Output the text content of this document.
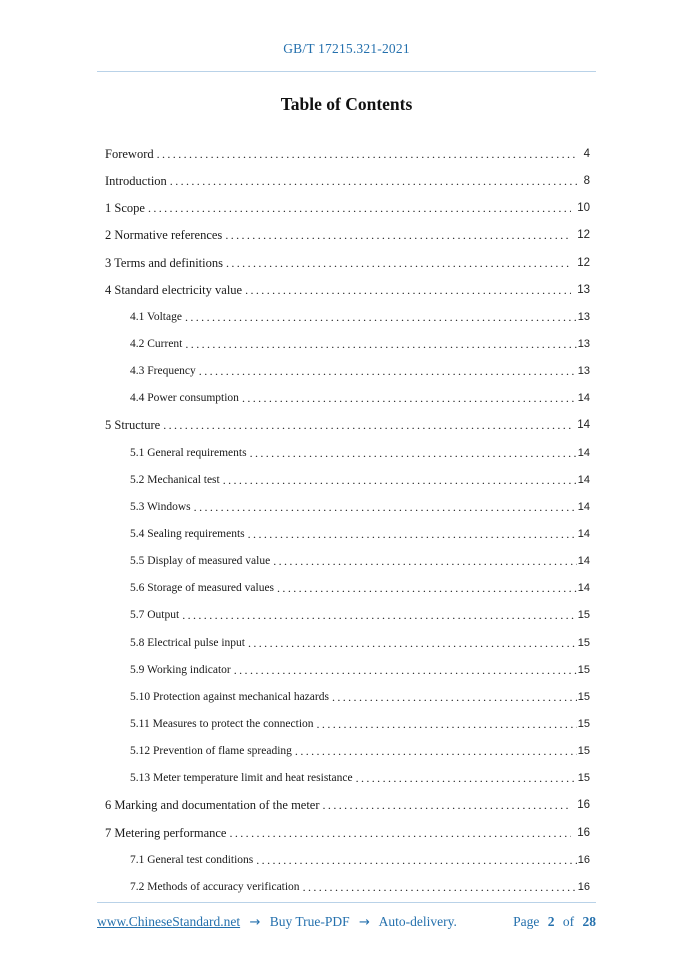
GB/T 17215.321-2021
Table of Contents
Foreword .....	4
Introduction .....	8
1 Scope .....	10
2 Normative references .....	12
3 Terms and definitions .....	12
4 Standard electricity value .....	13
4.1 Voltage .....	13
4.2 Current .....	13
4.3 Frequency .....	13
4.4 Power consumption .....	14
5 Structure .....	14
5.1 General requirements .....	14
5.2 Mechanical test .....	14
5.3 Windows .....	14
5.4 Sealing requirements .....	14
5.5 Display of measured value .....	14
5.6 Storage of measured values .....	14
5.7 Output .....	15
5.8 Electrical pulse input .....	15
5.9 Working indicator .....	15
5.10 Protection against mechanical hazards .....	15
5.11 Measures to protect the connection .....	15
5.12 Prevention of flame spreading .....	15
5.13 Meter temperature limit and heat resistance .....	15
6 Marking and documentation of the meter .....	16
7 Metering performance .....	16
7.1 General test conditions .....	16
7.2 Methods of accuracy verification .....	16
www.ChineseStandard.net → Buy True-PDF → Auto-delivery.	Page 2 of 28
